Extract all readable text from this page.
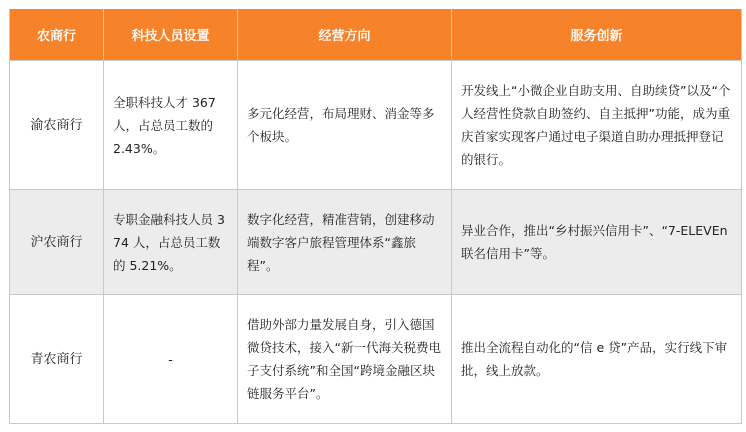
农商行	科技人员设置	经营方向	服务创新
渝农商行	全职科技人才 367 人，占总员工数的 2.43%。	多元化经营，布局理财、消金等多个板块。	开发线上“小微企业自助支用、自助续贷”以及“个人经营性贷款自助签约、自主抵押”功能，成为重庆首家实现客户通过电子渠道自助办理抵押登记的银行。
沪农商行	专职金融科技人员 374 人，占总员工数的 5.21%。	数字化经营，精准营销，创建移动端数字客户旅程管理体系“鑫旅程”。	异业合作，推出“乡村振兴信用卡”、“7-ELEVEn 联名信用卡”等。
青农商行	-	借助外部力量发展自身，引入德国微贷技术，接入“新一代海关税费电子支付系统”和全国“跨境金融区块链服务平台”。	推出全流程自动化的“信 e 贷”产品，实行线下审批，线上放款。
